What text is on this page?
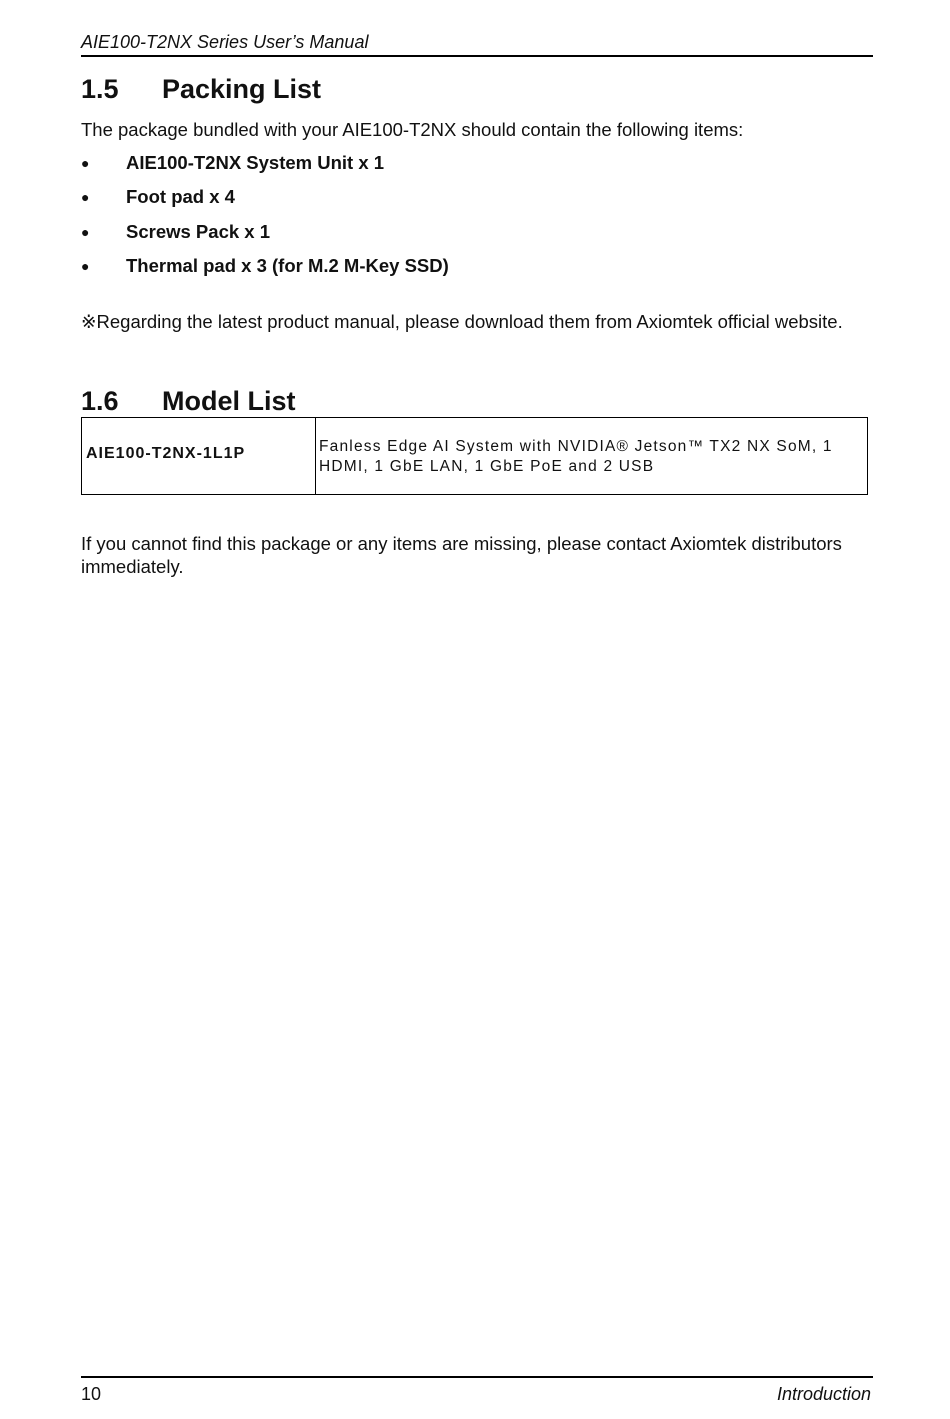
AIE100-T2NX Series User’s Manual
1.5 Packing List
The package bundled with your AIE100-T2NX should contain the following items:
● AIE100-T2NX System Unit x 1
● Foot pad x 4
● Screws Pack x 1
● Thermal pad x 3 (for M.2 M-Key SSD)
※Regarding the latest product manual, please download them from Axiomtek official website.
1.6 Model List
AIE100-T2NX-1L1P	Fanless Edge AI System with NVIDIA® Jetson™ TX2 NX SoM, 1 HDMI, 1 GbE LAN, 1 GbE PoE and 2 USB
If you cannot find this package or any items are missing, please contact Axiomtek distributors immediately.
10	Introduction
